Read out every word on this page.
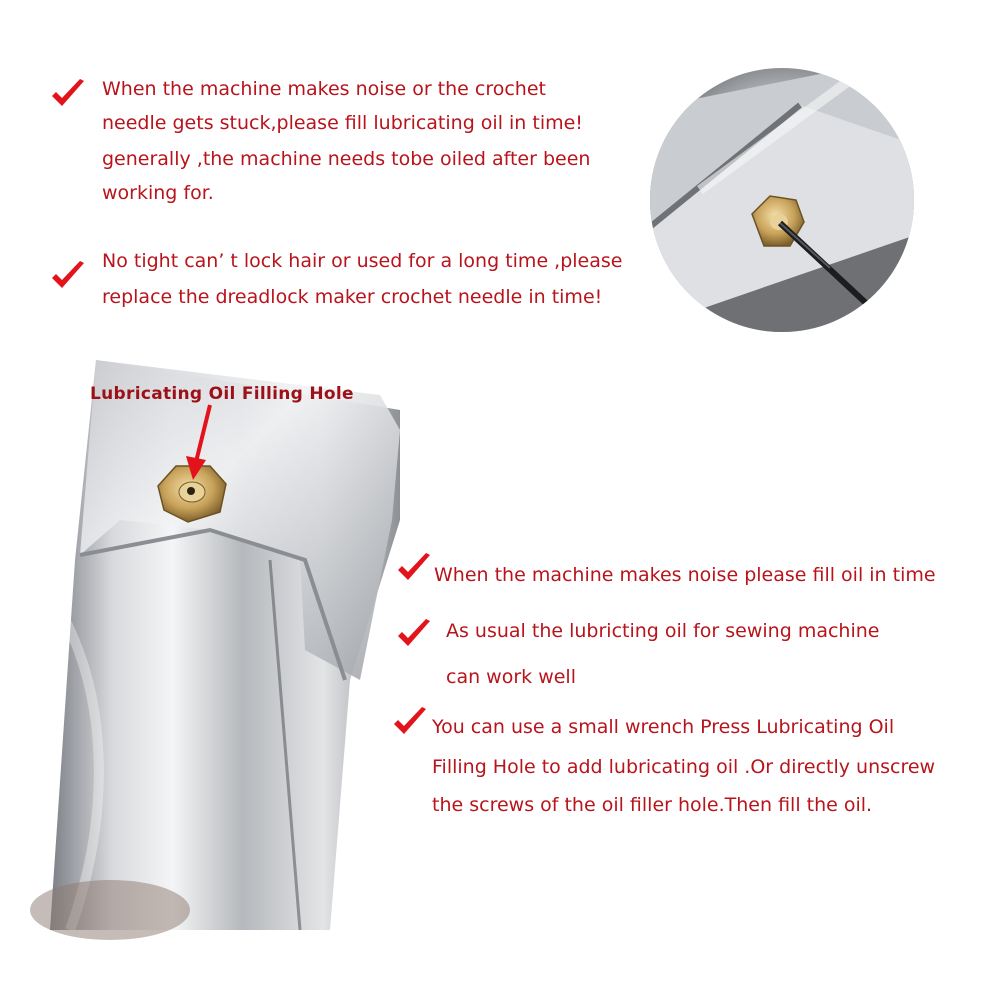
When the machine makes noise or the crochet
needle gets stuck,please fill lubricating oil in time!
generally ,the machine needs tobe oiled after been
working for.
No tight can’ t lock hair or used for a long time ,please
replace the dreadlock maker crochet needle in time!
Lubricating Oil Filling Hole
When the machine makes noise please fill oil in time
As usual the lubricting oil for sewing machine
can work well
You can use a small wrench Press Lubricating Oil
Filling Hole to add lubricating oil .Or directly unscrew
the screws of the oil filler hole.Then fill the oil.
